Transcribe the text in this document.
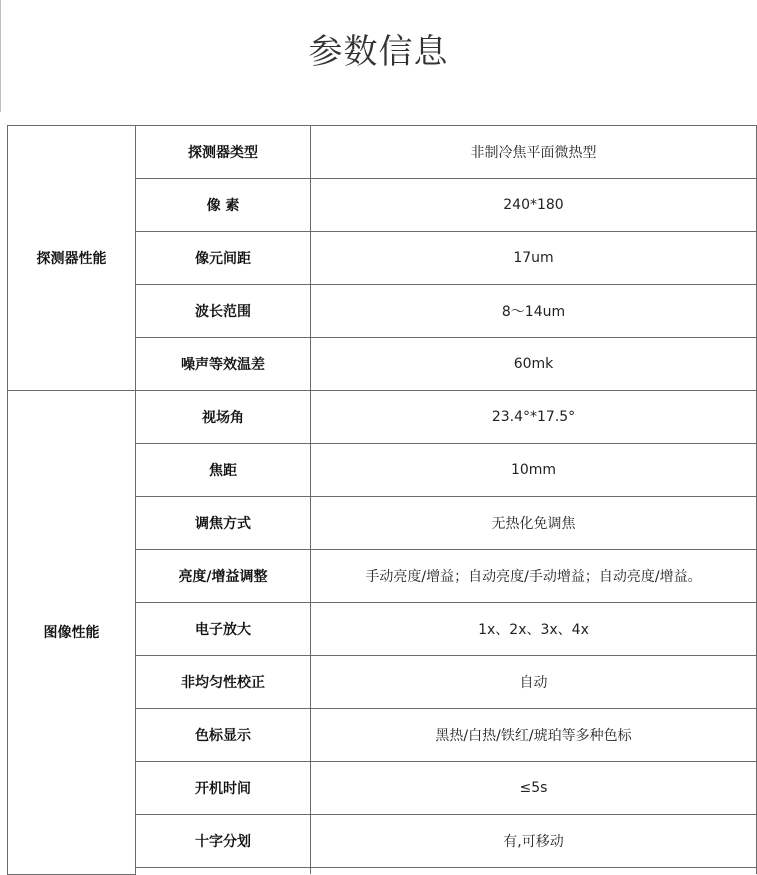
参数信息
探测器性能	探测器类型	非制冷焦平面微热型
	像 素	240*180
	像元间距	17um
	波长范围	8～14um
	噪声等效温差	60mk
图像性能	视场角	23.4°*17.5°
	焦距	10mm
	调焦方式	无热化免调焦
	亮度/增益调整	手动亮度/增益；自动亮度/手动增益；自动亮度/增益。
	电子放大	1x、2x、3x、4x
	非均匀性校正	自动
	色标显示	黑热/白热/铁红/琥珀等多种色标
	开机时间	≤5s
	十字分划	有,可移动
